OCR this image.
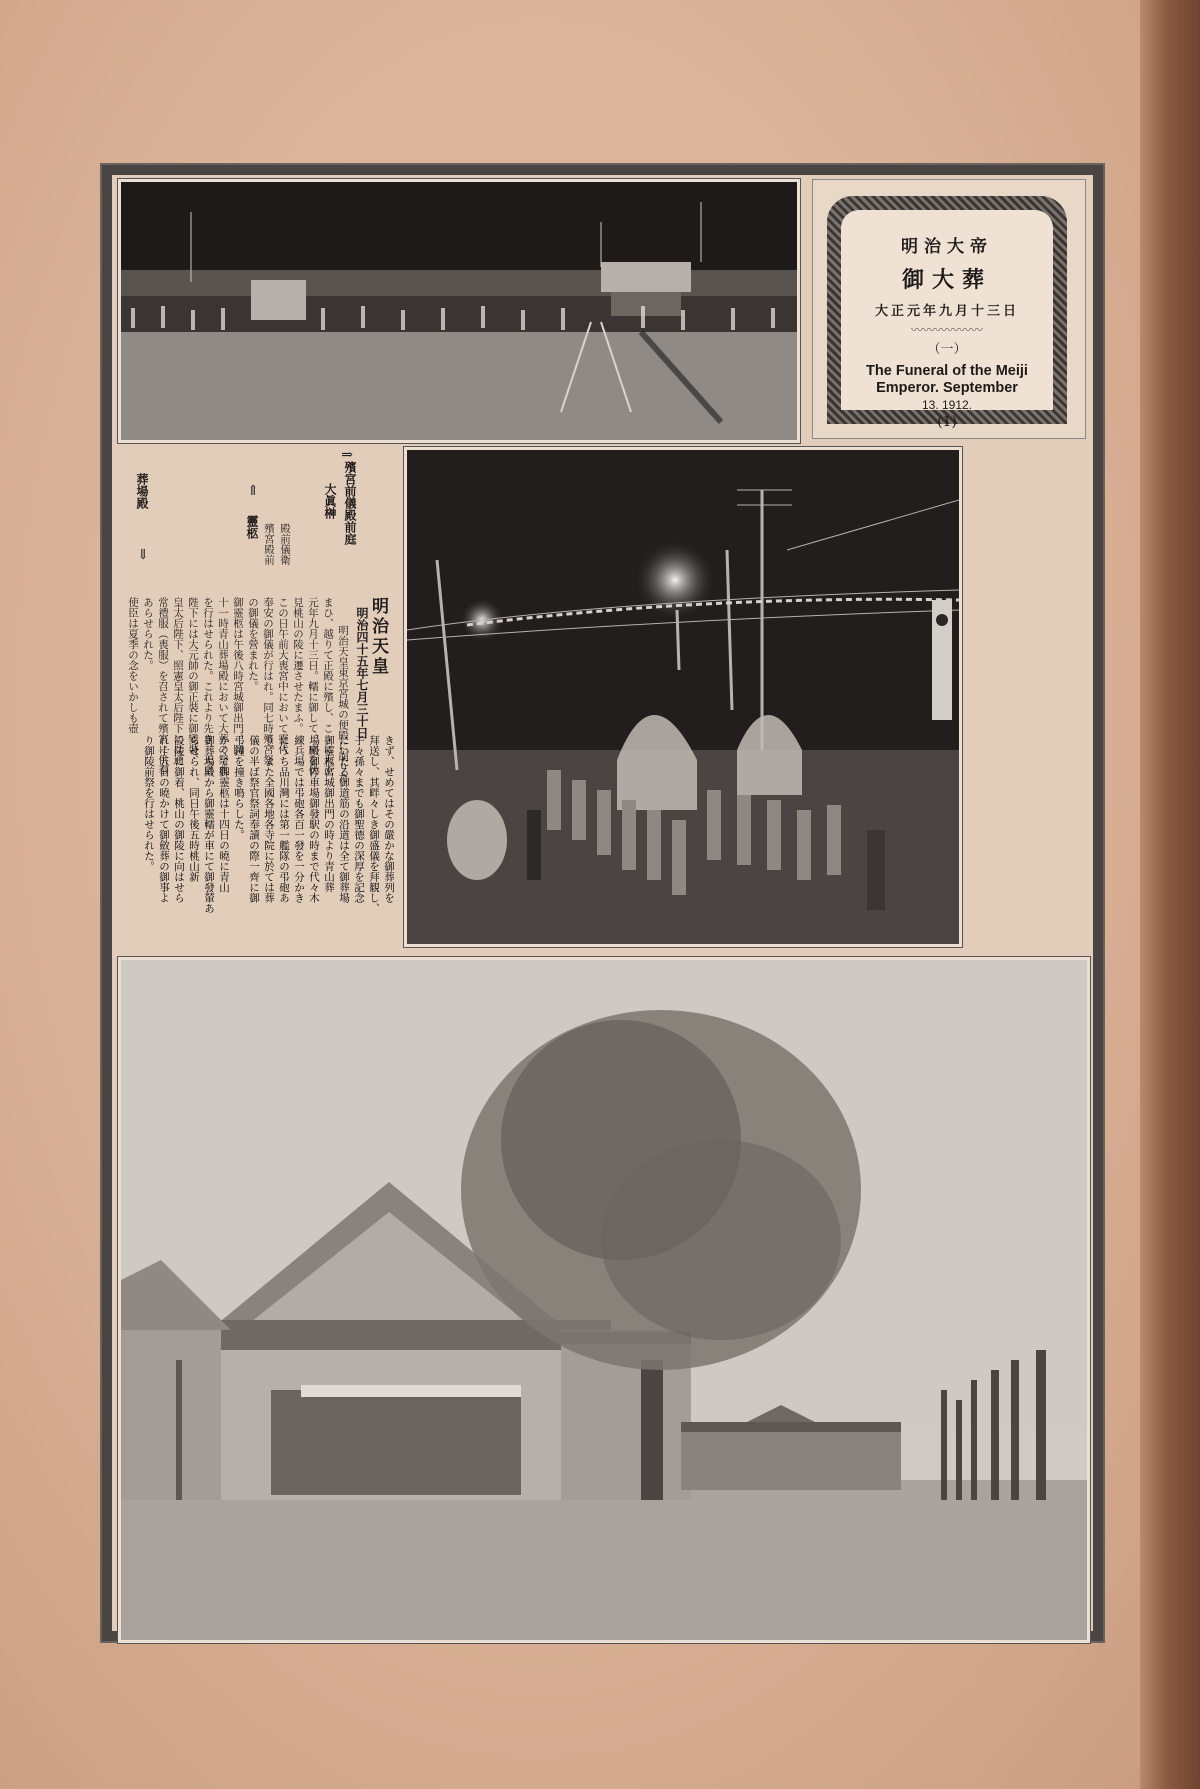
明治大帝
御大葬
大正元年九月十三日
〰〰〰〰〰〰
（一）
The Funeral of the Meiji
Emperor. September
13. 1912.
(1)
殯宮前儀殿前庭
大眞榊
⇒
靈柩 殯宮殿前 殿前儀衛
⇑
葬場殿
⇓
明治天皇
明治四十五年七月三十日
明治天皇東京宮城の便殿に崩りた
まひ、越りて正殿に殯し、こゝに大正
元年九月十三日。轜に御して、座を伏
見桃山の陵に遷させたまふ。
この日午前大喪宮中において靈代
奉安の御儀が行はれ。同七時殯宮祭
の御儀を營まれた。
御靈柩は午後八時宮城御出門、同
十一時青山葬場殿において大葬の祭典
を行はせられた。これより先き、天皇
陛下には大元帥の御正裝に御變裝、
皇太后陛下、照憲皇太后陛下には通
常禮服（喪服）を召されて殯宮に供奉
あらせられた。
使臣は夏季の念をいかしも壺
きず、せめてはその嚴かな御葬列を
拜送し、其畔々しき御盛儀を拜観し、
子々孫々までも御聖德の深厚を記念
にいたる御道筋の沿道は全て御葬場
御靈柩宮城御出門の時より青山葬
場殿御停車場御發駅の時まで代々木
練兵場では弔砲各百一發を一分かき
にうち品川灣には第一艦隊の弔砲あ
り。また全國各地各寺院に於ては葬
儀の半ば祭官祭詞奉讀の際一齊に御
弔鐘を撞き鳴らした。
かくて御靈柩は十四日の曉に青山
御葬場殿から御靈轜が車にて御發輦あ
らせられ、同日午後五時桃山新
設陵に御着、桃山の御陵に向はせら
れ十五日の曉かけて御斂葬の御事よ
り御陵前祭を行はせられた。
